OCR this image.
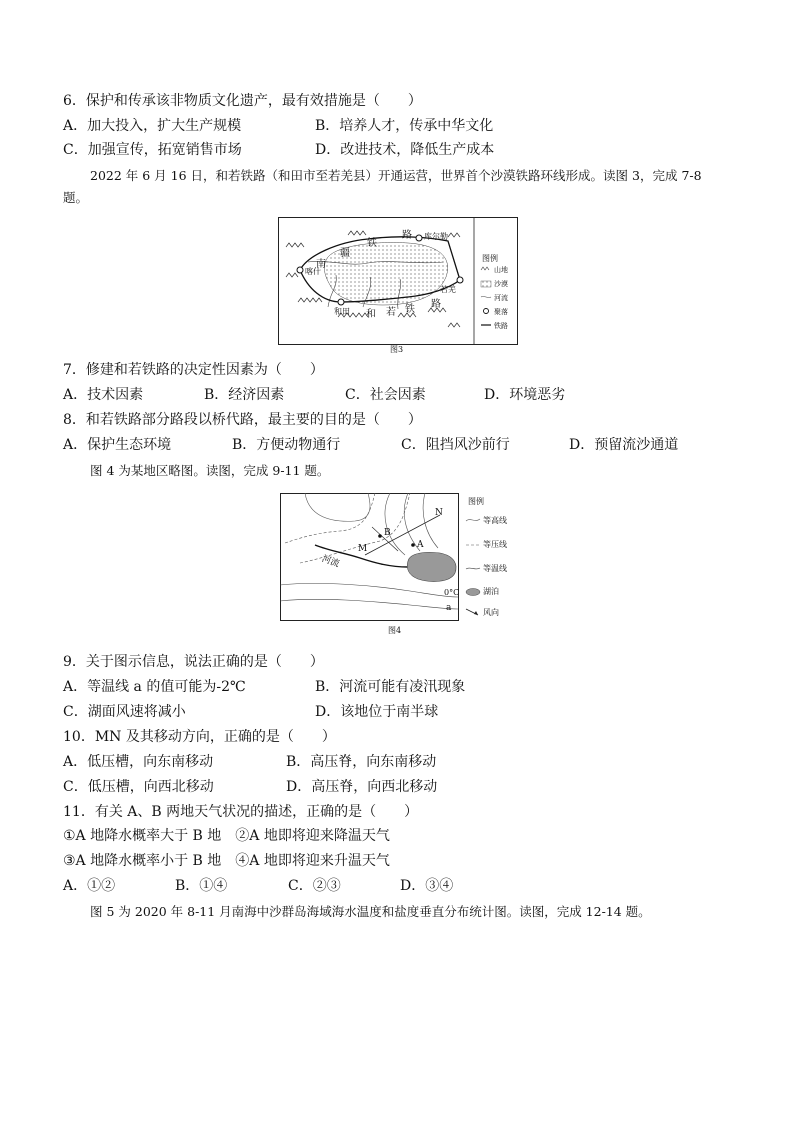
6．保护和传承该非物质文化遗产，最有效措施是（　　）
A．加大投入，扩大生产规模	B．培养人才，传承中华文化
C．加强宣传，拓宽销售市场	D．改进技术，降低生产成本
2022 年 6 月 16 日，和若铁路（和田市至若羌县）开通运营，世界首个沙漠铁路环线形成。读图 3，完成 7-8
题。
南
疆
铁
路
和 若 铁 路
喀什
和田
库尔勒
若羌
图例
山地
沙漠
河流
聚落
铁路
图3
7．修建和若铁路的决定性因素为（　　）
A．技术因素	B．经济因素	C．社会因素	D．环境恶劣
8．和若铁路部分路段以桥代路，最主要的目的是（　　）
A．保护生态环境	B．方便动物通行	C．阻挡风沙前行	D．预留流沙通道
图 4 为某地区略图。读图，完成 9-11 题。
N
M
B
A
河流
0°C
a
图例
等高线
等压线
等温线
湖泊
风向
图4
9．关于图示信息，说法正确的是（　　）
A．等温线 a 的值可能为-2℃	B．河流可能有凌汛现象
C．湖面风速将减小	D．该地位于南半球
10．MN 及其移动方向，正确的是（　　）
A．低压槽，向东南移动	B．高压脊，向东南移动
C．低压槽，向西北移动	D．高压脊，向西北移动
11．有关 A、B 两地天气状况的描述，正确的是（　　）
①A 地降水概率大于 B 地　②A 地即将迎来降温天气
③A 地降水概率小于 B 地　④A 地即将迎来升温天气
A．①②	B．①④	C．②③	D．③④
图 5 为 2020 年 8-11 月南海中沙群岛海域海水温度和盐度垂直分布统计图。读图，完成 12-14 题。
